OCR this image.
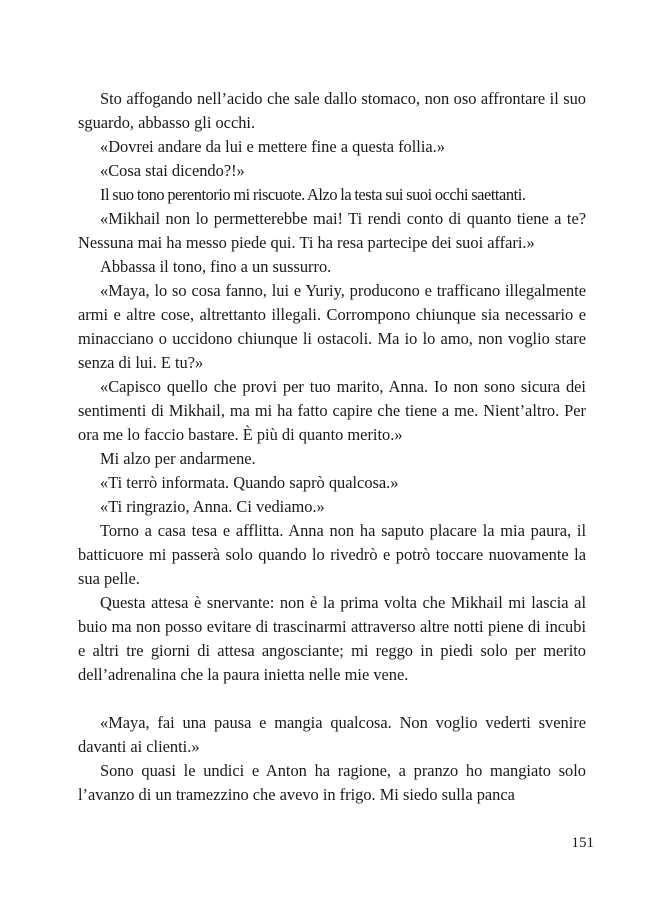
Sto affogando nell’acido che sale dallo stomaco, non oso affrontare il suo sguardo, abbasso gli occhi.

«Dovrei andare da lui e mettere fine a questa follia.»

«Cosa stai dicendo?!»

Il suo tono perentorio mi riscuote. Alzo la testa sui suoi occhi saettanti.

«Mikhail non lo permetterebbe mai! Ti rendi conto di quanto tiene a te? Nessuna mai ha messo piede qui. Ti ha resa partecipe dei suoi affari.»

Abbassa il tono, fino a un sussurro.

«Maya, lo so cosa fanno, lui e Yuriy, producono e trafficano illegalmente armi e altre cose, altrettanto illegali. Corrompono chiunque sia necessario e minacciano o uccidono chiunque li ostacoli. Ma io lo amo, non voglio stare senza di lui. E tu?»

«Capisco quello che provi per tuo marito, Anna. Io non sono sicura dei sentimenti di Mikhail, ma mi ha fatto capire che tiene a me. Nient’altro. Per ora me lo faccio bastare. È più di quanto merito.»

Mi alzo per andarmene.

«Ti terrò informata. Quando saprò qualcosa.»

«Ti ringrazio, Anna. Ci vediamo.»

Torno a casa tesa e afflitta. Anna non ha saputo placare la mia paura, il batticuore mi passerà solo quando lo rivedrò e potrò toccare nuovamente la sua pelle.

Questa attesa è snervante: non è la prima volta che Mikhail mi lascia al buio ma non posso evitare di trascinarmi attraverso altre notti piene di incubi e altri tre giorni di attesa angosciante; mi reggo in piedi solo per merito dell’adrenalina che la paura inietta nelle mie vene.

«Maya, fai una pausa e mangia qualcosa. Non voglio vederti svenire davanti ai clienti.»

Sono quasi le undici e Anton ha ragione, a pranzo ho mangiato solo l’avanzo di un tramezzino che avevo in frigo. Mi siedo sulla panca

151
